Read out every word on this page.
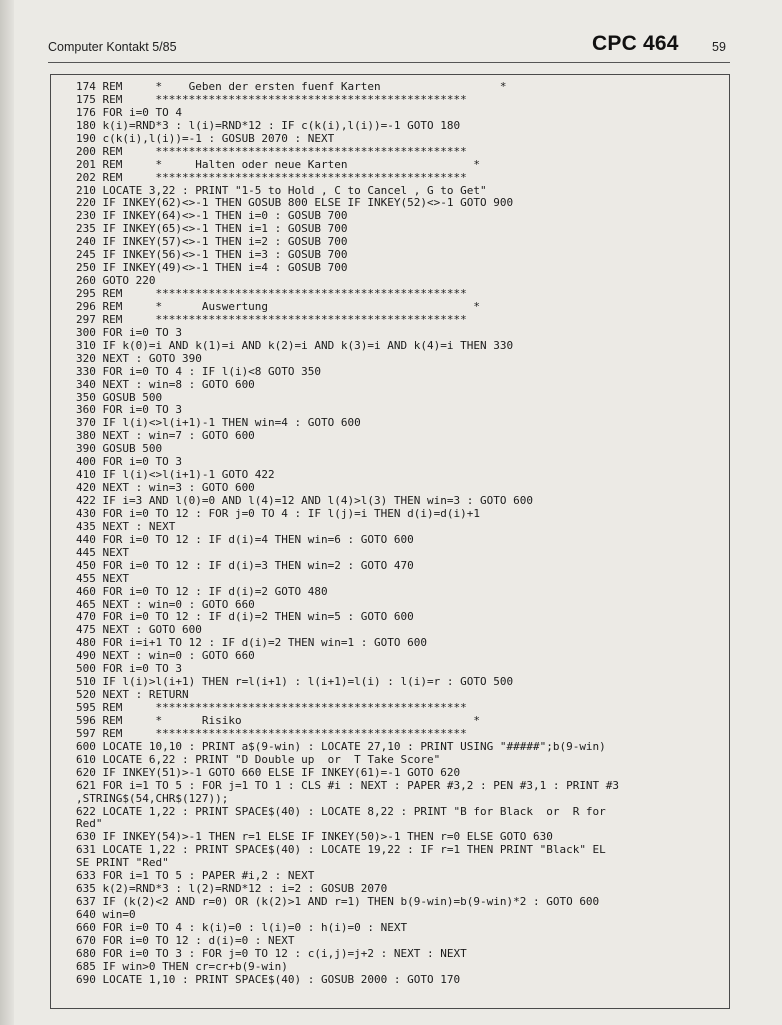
Computer Kontakt 5/85	CPC 464	59
174 REM     *    Geben der ersten fuenf Karten                  *
175 REM     ***********************************************
176 FOR i=0 TO 4
180 k(i)=RND*3 : l(i)=RND*12 : IF c(k(i),l(i))=-1 GOTO 180
190 c(k(i),l(i))=-1 : GOSUB 2070 : NEXT
200 REM     ***********************************************
201 REM     *     Halten oder neue Karten                   *
202 REM     ***********************************************
210 LOCATE 3,22 : PRINT "1-5 to Hold , C to Cancel , G to Get"
220 IF INKEY(62)<>-1 THEN GOSUB 800 ELSE IF INKEY(52)<>-1 GOTO 900
230 IF INKEY(64)<>-1 THEN i=0 : GOSUB 700
235 IF INKEY(65)<>-1 THEN i=1 : GOSUB 700
240 IF INKEY(57)<>-1 THEN i=2 : GOSUB 700
245 IF INKEY(56)<>-1 THEN i=3 : GOSUB 700
250 IF INKEY(49)<>-1 THEN i=4 : GOSUB 700
260 GOTO 220
295 REM     ***********************************************
296 REM     *      Auswertung                               *
297 REM     ***********************************************
300 FOR i=0 TO 3
310 IF k(0)=i AND k(1)=i AND k(2)=i AND k(3)=i AND k(4)=i THEN 330
320 NEXT : GOTO 390
330 FOR i=0 TO 4 : IF l(i)<8 GOTO 350
340 NEXT : win=8 : GOTO 600
350 GOSUB 500
360 FOR i=0 TO 3
370 IF l(i)<>l(i+1)-1 THEN win=4 : GOTO 600
380 NEXT : win=7 : GOTO 600
390 GOSUB 500
400 FOR i=0 TO 3
410 IF l(i)<>l(i+1)-1 GOTO 422
420 NEXT : win=3 : GOTO 600
422 IF i=3 AND l(0)=0 AND l(4)=12 AND l(4)>l(3) THEN win=3 : GOTO 600
430 FOR i=0 TO 12 : FOR j=0 TO 4 : IF l(j)=i THEN d(i)=d(i)+1
435 NEXT : NEXT
440 FOR i=0 TO 12 : IF d(i)=4 THEN win=6 : GOTO 600
445 NEXT
450 FOR i=0 TO 12 : IF d(i)=3 THEN win=2 : GOTO 470
455 NEXT
460 FOR i=0 TO 12 : IF d(i)=2 GOTO 480
465 NEXT : win=0 : GOTO 660
470 FOR i=0 TO 12 : IF d(i)=2 THEN win=5 : GOTO 600
475 NEXT : GOTO 600
480 FOR i=i+1 TO 12 : IF d(i)=2 THEN win=1 : GOTO 600
490 NEXT : win=0 : GOTO 660
500 FOR i=0 TO 3
510 IF l(i)>l(i+1) THEN r=l(i+1) : l(i+1)=l(i) : l(i)=r : GOTO 500
520 NEXT : RETURN
595 REM     ***********************************************
596 REM     *      Risiko                                   *
597 REM     ***********************************************
600 LOCATE 10,10 : PRINT a$(9-win) : LOCATE 27,10 : PRINT USING "#####";b(9-win)
610 LOCATE 6,22 : PRINT "D Double up  or  T Take Score"
620 IF INKEY(51)>-1 GOTO 660 ELSE IF INKEY(61)=-1 GOTO 620
621 FOR i=1 TO 5 : FOR j=1 TO 1 : CLS #i : NEXT : PAPER #3,2 : PEN #3,1 : PRINT #3
,STRING$(54,CHR$(127));
622 LOCATE 1,22 : PRINT SPACE$(40) : LOCATE 8,22 : PRINT "B for Black  or  R for
Red"
630 IF INKEY(54)>-1 THEN r=1 ELSE IF INKEY(50)>-1 THEN r=0 ELSE GOTO 630
631 LOCATE 1,22 : PRINT SPACE$(40) : LOCATE 19,22 : IF r=1 THEN PRINT "Black" EL
SE PRINT "Red"
633 FOR i=1 TO 5 : PAPER #i,2 : NEXT
635 k(2)=RND*3 : l(2)=RND*12 : i=2 : GOSUB 2070
637 IF (k(2)<2 AND r=0) OR (k(2)>1 AND r=1) THEN b(9-win)=b(9-win)*2 : GOTO 600
640 win=0
660 FOR i=0 TO 4 : k(i)=0 : l(i)=0 : h(i)=0 : NEXT
670 FOR i=0 TO 12 : d(i)=0 : NEXT
680 FOR i=0 TO 3 : FOR j=0 TO 12 : c(i,j)=j+2 : NEXT : NEXT
685 IF win>0 THEN cr=cr+b(9-win)
690 LOCATE 1,10 : PRINT SPACE$(40) : GOSUB 2000 : GOTO 170
